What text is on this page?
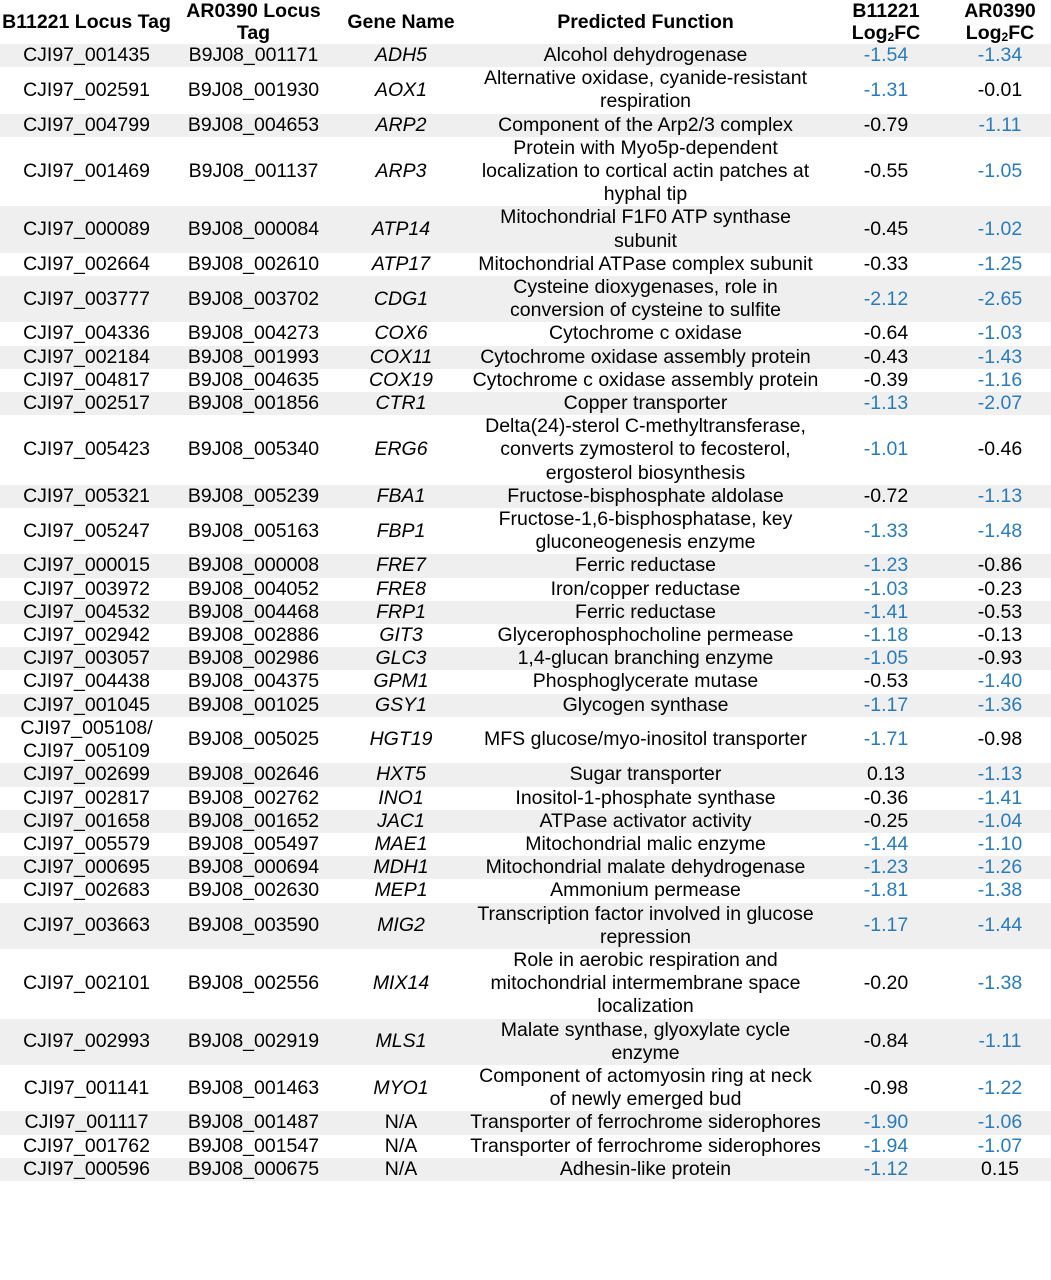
B11221 Locus Tag	AR0390 Locus Tag	Gene Name	Predicted Function	B11221 Log$_2$FC	AR0390 Log$_2$FC
CJI97_001435	B9J08_001171	ADH5	Alcohol dehydrogenase	-1.54	-1.34
CJI97_002591	B9J08_001930	AOX1	Alternative oxidase, cyanide-resistant respiration	-1.31	-0.01
CJI97_004799	B9J08_004653	ARP2	Component of the Arp2/3 complex	-0.79	-1.11
CJI97_001469	B9J08_001137	ARP3	Protein with Myo5p-dependent localization to cortical actin patches at hyphal tip	-0.55	-1.05
CJI97_000089	B9J08_000084	ATP14	Mitochondrial F1F0 ATP synthase subunit	-0.45	-1.02
CJI97_002664	B9J08_002610	ATP17	Mitochondrial ATPase complex subunit	-0.33	-1.25
CJI97_003777	B9J08_003702	CDG1	Cysteine dioxygenases, role in conversion of cysteine to sulfite	-2.12	-2.65
CJI97_004336	B9J08_004273	COX6	Cytochrome c oxidase	-0.64	-1.03
CJI97_002184	B9J08_001993	COX11	Cytochrome oxidase assembly protein	-0.43	-1.43
CJI97_004817	B9J08_004635	COX19	Cytochrome c oxidase assembly protein	-0.39	-1.16
CJI97_002517	B9J08_001856	CTR1	Copper transporter	-1.13	-2.07
CJI97_005423	B9J08_005340	ERG6	Delta(24)-sterol C-methyltransferase, converts zymosterol to fecosterol, ergosterol biosynthesis	-1.01	-0.46
CJI97_005321	B9J08_005239	FBA1	Fructose-bisphosphate aldolase	-0.72	-1.13
CJI97_005247	B9J08_005163	FBP1	Fructose-1,6-bisphosphatase, key gluconeogenesis enzyme	-1.33	-1.48
CJI97_000015	B9J08_000008	FRE7	Ferric reductase	-1.23	-0.86
CJI97_003972	B9J08_004052	FRE8	Iron/copper reductase	-1.03	-0.23
CJI97_004532	B9J08_004468	FRP1	Ferric reductase	-1.41	-0.53
CJI97_002942	B9J08_002886	GIT3	Glycerophosphocholine permease	-1.18	-0.13
CJI97_003057	B9J08_002986	GLC3	1,4-glucan branching enzyme	-1.05	-0.93
CJI97_004438	B9J08_004375	GPM1	Phosphoglycerate mutase	-0.53	-1.40
CJI97_001045	B9J08_001025	GSY1	Glycogen synthase	-1.17	-1.36
CJI97_005108/ CJI97_005109	B9J08_005025	HGT19	MFS glucose/myo-inositol transporter	-1.71	-0.98
CJI97_002699	B9J08_002646	HXT5	Sugar transporter	0.13	-1.13
CJI97_002817	B9J08_002762	INO1	Inositol-1-phosphate synthase	-0.36	-1.41
CJI97_001658	B9J08_001652	JAC1	ATPase activator activity	-0.25	-1.04
CJI97_005579	B9J08_005497	MAE1	Mitochondrial malic enzyme	-1.44	-1.10
CJI97_000695	B9J08_000694	MDH1	Mitochondrial malate dehydrogenase	-1.23	-1.26
CJI97_002683	B9J08_002630	MEP1	Ammonium permease	-1.81	-1.38
CJI97_003663	B9J08_003590	MIG2	Transcription factor involved in glucose repression	-1.17	-1.44
CJI97_002101	B9J08_002556	MIX14	Role in aerobic respiration and mitochondrial intermembrane space localization	-0.20	-1.38
CJI97_002993	B9J08_002919	MLS1	Malate synthase, glyoxylate cycle enzyme	-0.84	-1.11
CJI97_001141	B9J08_001463	MYO1	Component of actomyosin ring at neck of newly emerged bud	-0.98	-1.22
CJI97_001117	B9J08_001487	N/A	Transporter of ferrochrome siderophores	-1.90	-1.06
CJI97_001762	B9J08_001547	N/A	Transporter of ferrochrome siderophores	-1.94	-1.07
CJI97_000596	B9J08_000675	N/A	Adhesin-like protein	-1.12	0.15
